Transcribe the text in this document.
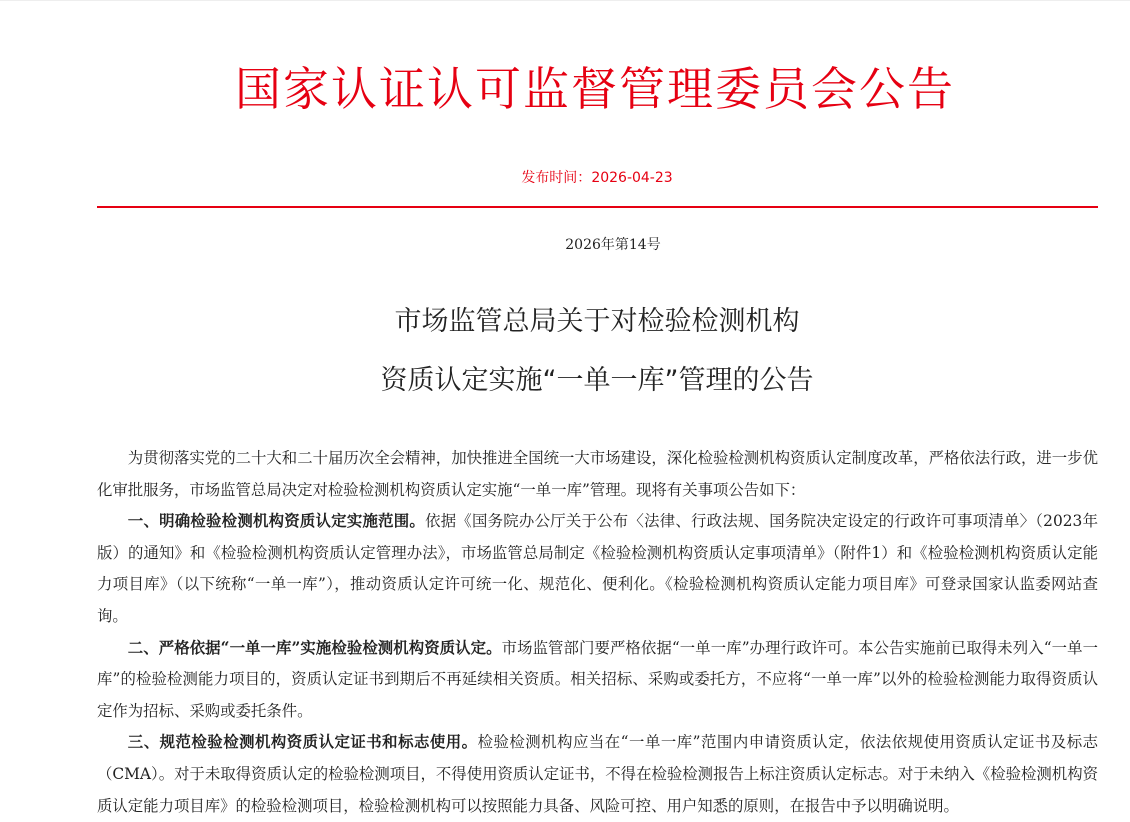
国家认证认可监督管理委员会公告
发布时间：2026-04-23
2026年第14号
市场监管总局关于对检验检测机构
资质认定实施“一单一库”管理的公告

为贯彻落实党的二十大和二十届历次全会精神，加快推进全国统一大市场建设，深化检验检测机构资质认定制度改革，严格依法行政，进一步优化审批服务，市场监管总局决定对检验检测机构资质认定实施“一单一库”管理。现将有关事项公告如下：

一、明确检验检测机构资质认定实施范围。依据《国务院办公厅关于公布〈法律、行政法规、国务院决定设定的行政许可事项清单〉（2023年版）的通知》和《检验检测机构资质认定管理办法》，市场监管总局制定《检验检测机构资质认定事项清单》（附件1）和《检验检测机构资质认定能力项目库》（以下统称“一单一库”），推动资质认定许可统一化、规范化、便利化。《检验检测机构资质认定能力项目库》可登录国家认监委网站查询。

二、严格依据“一单一库”实施检验检测机构资质认定。市场监管部门要严格依据“一单一库”办理行政许可。本公告实施前已取得未列入“一单一库”的检验检测能力项目的，资质认定证书到期后不再延续相关资质。相关招标、采购或委托方，不应将“一单一库”以外的检验检测能力取得资质认定作为招标、采购或委托条件。

三、规范检验检测机构资质认定证书和标志使用。检验检测机构应当在“一单一库”范围内申请资质认定，依法依规使用资质认定证书及标志（CMA）。对于未取得资质认定的检验检测项目，不得使用资质认定证书，不得在检验检测报告上标注资质认定标志。对于未纳入《检验检测机构资质认定能力项目库》的检验检测项目，检验检测机构可以按照能力具备、风险可控、用户知悉的原则，在报告中予以明确说明。
